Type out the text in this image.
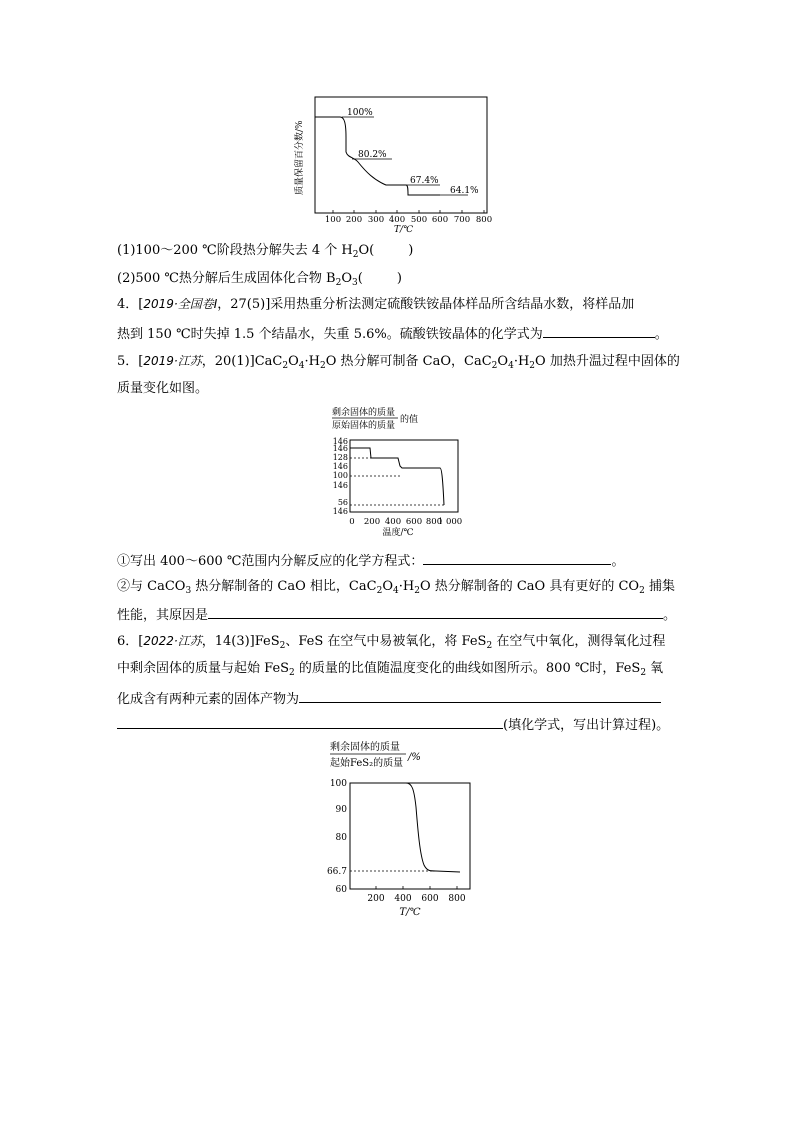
100 200 300 400 500 600 700 800
100%
80.2%
67.4%
64.1%
T/℃
质量保留百分数/%
(1)100～200 ℃阶段热分解失去 4 个 $H_2O$(	)
(2)500 ℃热分解后生成固体化合物 $B_2O_3$(	)
4．[2019·全国卷Ⅰ，27(5)]采用热重分析法测定硫酸铁铵晶体样品所含结晶水数，将样品加
热到 150 ℃时失掉 1.5 个结晶水，失重 5.6%。硫酸铁铵晶体的化学式为	。
5．[2019·江苏，$20(1)]CaC_2O_4\cdot H_2O$ 热分解可制备 CaO，$CaC_2O_4\cdot H_2O$ 加热升温过程中固体的
质量变化如图。
剩余固体的质量
原始固体的质量
的值
146
146
128
146
100
146
56
146
0 200 400 600 800
1 000
温度/℃
①写出 400～600 ℃范围内分解反应的化学方程式：	。
②与 CaCO$_3$ 热分解制备的 CaO 相比，$CaC_2O_4\cdot H_2O$ 热分解制备的 CaO 具有更好的 $CO_2$ 捕集
性能，其原因是	。
6．[2022·江苏，14(3)]FeS$_2$、FeS 在空气中易被氧化，将 FeS$_2$ 在空气中氧化，测得氧化过程
中剩余固体的质量与起始 FeS$_2$ 的质量的比值随温度变化的曲线如图所示。800 ℃时，FeS$_2$ 氧
化成含有两种元素的固体产物为
(填化学式，写出计算过程)。
剩余固体的质量
起始FeS₂的质量
/%
100
90
80
66.7
60
200 400 600 800
T/℃
